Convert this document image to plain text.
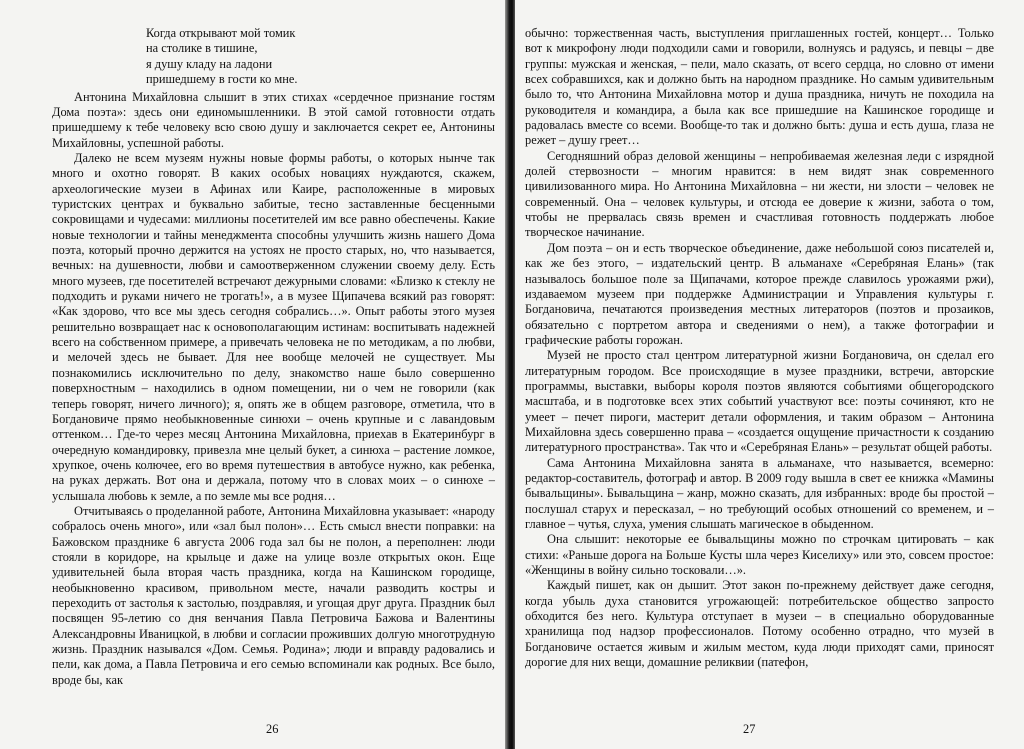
Когда открывают мой томик
на столике в тишине,
я душу кладу на ладони
пришедшему в гости ко мне.

Антонина Михайловна слышит в этих стихах «сердечное признание гостям Дома поэта»: здесь они единомышленники. В этой самой готовности отдать пришедшему к тебе человеку всю свою душу и заключается секрет ее, Антонины Михайловны, успешной работы.

Далеко не всем музеям нужны новые формы работы, о которых нынче так много и охотно говорят. В каких особых новациях нуждаются, скажем, археологические музеи в Афинах или Каире, расположенные в мировых туристских центрах и буквально забитые, тесно заставленные бесценными сокровищами и чудесами: миллионы посетителей им все равно обеспечены. Какие новые технологии и тайны менеджмента способны улучшить жизнь нашего Дома поэта, который прочно держится на устоях не просто старых, но, что называется, вечных: на душевности, любви и самоотверженном служении своему делу. Есть много музеев, где посетителей встречают дежурными словами: «Близко к стеклу не подходить и руками ничего не трогать!», а в музее Щипачева всякий раз говорят: «Как здорово, что все мы здесь сегодня собрались…». Опыт работы этого музея решительно возвращает нас к основополагающим истинам: воспитывать надежней всего на собственном примере, а привечать человека не по методикам, а по любви, и мелочей здесь не бывает. Для нее вообще мелочей не существует. Мы познакомились исключительно по делу, знакомство наше было совершенно поверхностным – находились в одном помещении, ни о чем не говорили (как теперь говорят, ничего личного); я, опять же в общем разговоре, отметила, что в Богдановиче прямо необыкновенные синюхи – очень крупные и с лавандовым оттенком… Где-то через месяц Антонина Михайловна, приехав в Екатеринбург в очередную командировку, привезла мне целый букет, а синюха – растение ломкое, хрупкое, очень колючее, его во время путешествия в автобусе нужно, как ребенка, на руках держать. Вот она и держала, потому что в словах моих – о синюхе – услышала любовь к земле, а по земле мы все родня…

Отчитываясь о проделанной работе, Антонина Михайловна указывает: «народу собралось очень много», или «зал был полон»… Есть смысл внести поправки: на Бажовском празднике 6 августа 2006 года зал бы не полон, а переполнен: люди стояли в коридоре, на крыльце и даже на улице возле открытых окон. Еще удивительней была вторая часть праздника, когда на Кашинском городище, необыкновенно красивом, привольном месте, начали разводить костры и переходить от застолья к застолью, поздравляя, и угощая друг друга. Праздник был посвящен 95-летию со дня венчания Павла Петровича Бажова и Валентины Александровны Иваницкой, в любви и согласии проживших долгую многотрудную жизнь. Праздник назывался «Дом. Семья. Родина»; люди и вправду радовались и пели, как дома, а Павла Петровича и его семью вспоминали как родных. Все было, вроде бы, как

26

обычно: торжественная часть, выступления приглашенных гостей, концерт… Только вот к микрофону люди подходили сами и говорили, волнуясь и радуясь, и певцы – две группы: мужская и женская, – пели, мало сказать, от всего сердца, но словно от имени всех собравшихся, как и должно быть на народном празднике. Но самым удивительным было то, что Антонина Михайловна мотор и душа праздника, ничуть не походила на руководителя и командира, а была как все пришедшие на Кашинское городище и радовалась вместе со всеми. Вообще-то так и должно быть: душа и есть душа, глаза не режет – душу греет…

Сегодняшний образ деловой женщины – непробиваемая железная леди с изрядной долей стервозности – многим нравится: в нем видят знак современного цивилизованного мира. Но Антонина Михайловна – ни жести, ни злости – человек не современный. Она – человек культуры, и отсюда ее доверие к жизни, забота о том, чтобы не прервалась связь времен и счастливая готовность поддержать любое творческое начинание.

Дом поэта – он и есть творческое объединение, даже небольшой союз писателей и, как же без этого, – издательский центр. В альманахе «Серебряная Елань» (так называлось большое поле за Щипачами, которое прежде славилось урожаями ржи), издаваемом музеем при поддержке Администрации и Управления культуры г. Богдановича, печатаются произведения местных литераторов (поэтов и прозаиков, обязательно с портретом автора и сведениями о нем), а также фотографии и графические работы горожан.

Музей не просто стал центром литературной жизни Богдановича, он сделал его литературным городом. Все происходящие в музее праздники, встречи, авторские программы, выставки, выборы короля поэтов являются событиями общегородского масштаба, и в подготовке всех этих событий участвуют все: поэты сочиняют, кто не умеет – печет пироги, мастерит детали оформления, и таким образом – Антонина Михайловна здесь совершенно права – «создается ощущение причастности к созданию литературного пространства». Так что и «Серебряная Елань» – результат общей работы.

Сама Антонина Михайловна занята в альманахе, что называется, всемерно: редактор-составитель, фотограф и автор. В 2009 году вышла в свет ее книжка «Мамины бывальщины». Бывальщина – жанр, можно сказать, для избранных: вроде бы простой – послушал старух и пересказал, – но требующий особых отношений со временем, и – главное – чутья, слуха, умения слышать магическое в обыденном.

Она слышит: некоторые ее бывальщины можно по строчкам цитировать – как стихи: «Раньше дорога на Больше Кусты шла через Киселиху» или это, совсем простое: «Женщины в войну сильно тосковали…».

Каждый пишет, как он дышит. Этот закон по-прежнему действует даже сегодня, когда убыль духа становится угрожающей: потребительское общество запросто обходится без него. Культура отступает в музеи – в специально оборудованные хранилища под надзор профессионалов. Потому особенно отрадно, что музей в Богдановиче остается живым и жилым местом, куда люди приходят сами, приносят дорогие для них вещи, домашние реликвии (патефон,

27
